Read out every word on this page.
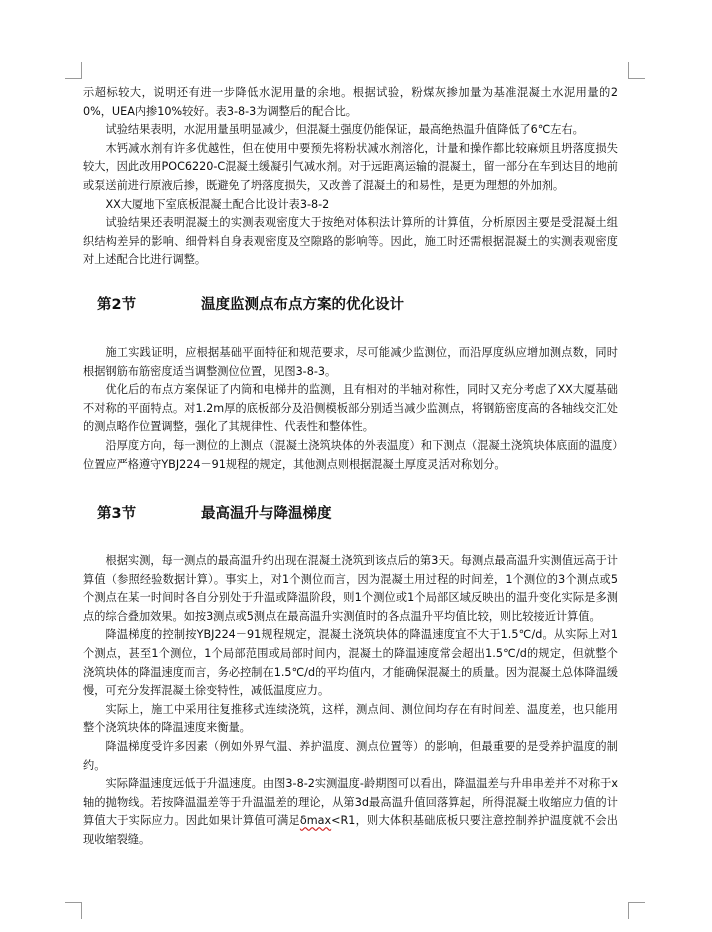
示超标较大，说明还有进一步降低水泥用量的余地。根据试验，粉煤灰掺加量为基准混凝土水泥用量的20%，UEA内掺10%较好。表3-8-3为调整后的配合比。

试验结果表明，水泥用量虽明显减少，但混凝土强度仍能保证，最高绝热温升值降低了6℃左右。

木钙减水剂有许多优越性，但在使用中要预先将粉状减水剂溶化，计量和操作都比较麻烦且坍落度损失较大，因此改用POC6220-C混凝土缓凝引气减水剂。对于远距离运输的混凝土，留一部分在车到达目的地前或泵送前进行原液后掺，既避免了坍落度损失，又改善了混凝土的和易性，是更为理想的外加剂。

XX大厦地下室底板混凝土配合比设计表3-8-2

试验结果还表明混凝土的实测表观密度大于按绝对体积法计算所的计算值，分析原因主要是受混凝土组织结构差异的影响、细骨料自身表观密度及空隙路的影响等。因此，施工时还需根据混凝土的实测表观密度对上述配合比进行调整。

第2节	温度监测点布点方案的优化设计

施工实践证明，应根据基础平面特征和规范要求，尽可能减少监测位，而沿厚度纵应增加测点数，同时根据钢筋布筋密度适当调整测位位置，见图3-8-3。

优化后的布点方案保证了内筒和电梯井的监测，且有相对的半轴对称性，同时又充分考虑了XX大厦基础不对称的平面特点。对1.2m厚的底板部分及沿侧模板部分别适当减少监测点，将钢筋密度高的各轴线交汇处的测点略作位置调整，强化了其规律性、代表性和整体性。

沿厚度方向，每一测位的上测点（混凝土浇筑块体的外表温度）和下测点（混凝土浇筑块体底面的温度）位置应严格遵守YBJ224－91规程的规定，其他测点则根据混凝土厚度灵活对称划分。

第3节	最高温升与降温梯度

根据实测，每一测点的最高温升约出现在混凝土浇筑到该点后的第3天。每测点最高温升实测值远高于计算值（参照经验数据计算）。事实上，对1个测位而言，因为混凝土用过程的时间差，1个测位的3个测点或5个测点在某一时间时各自分别处于升温或降温阶段，则1个测位或1个局部区域反映出的温升变化实际是多测点的综合叠加效果。如按3测点或5测点在最高温升实测值时的各点温升平均值比较，则比较接近计算值。

降温梯度的控制按YBJ224－91规程规定，混凝土浇筑块体的降温速度宜不大于1.5℃/d。从实际上对1个测点，甚至1个测位，1个局部范围或局部时间内，混凝土的降温速度常会超出1.5℃/d的规定，但就整个浇筑块体的降温速度而言，务必控制在1.5℃/d的平均值内，才能确保混凝土的质量。因为混凝土总体降温缓慢，可充分发挥混凝土徐变特性，减低温度应力。

实际上，施工中采用往复推移式连续浇筑，这样，测点间、测位间均存在有时间差、温度差，也只能用整个浇筑块体的降温速度来衡量。

降温梯度受许多因素（例如外界气温、养护温度、测点位置等）的影响，但最重要的是受养护温度的制约。

实际降温速度远低于升温速度。由图3-8-2实测温度-龄期图可以看出，降温温差与升串串差并不对称于x轴的抛物线。若按降温温差等于升温温差的理论，从第3d最高温升值回落算起，所得混凝土收缩应力值的计算值大于实际应力。因此如果计算值可满足δmax<R1，则大体积基础底板只要注意控制养护温度就不会出现收缩裂缝。
